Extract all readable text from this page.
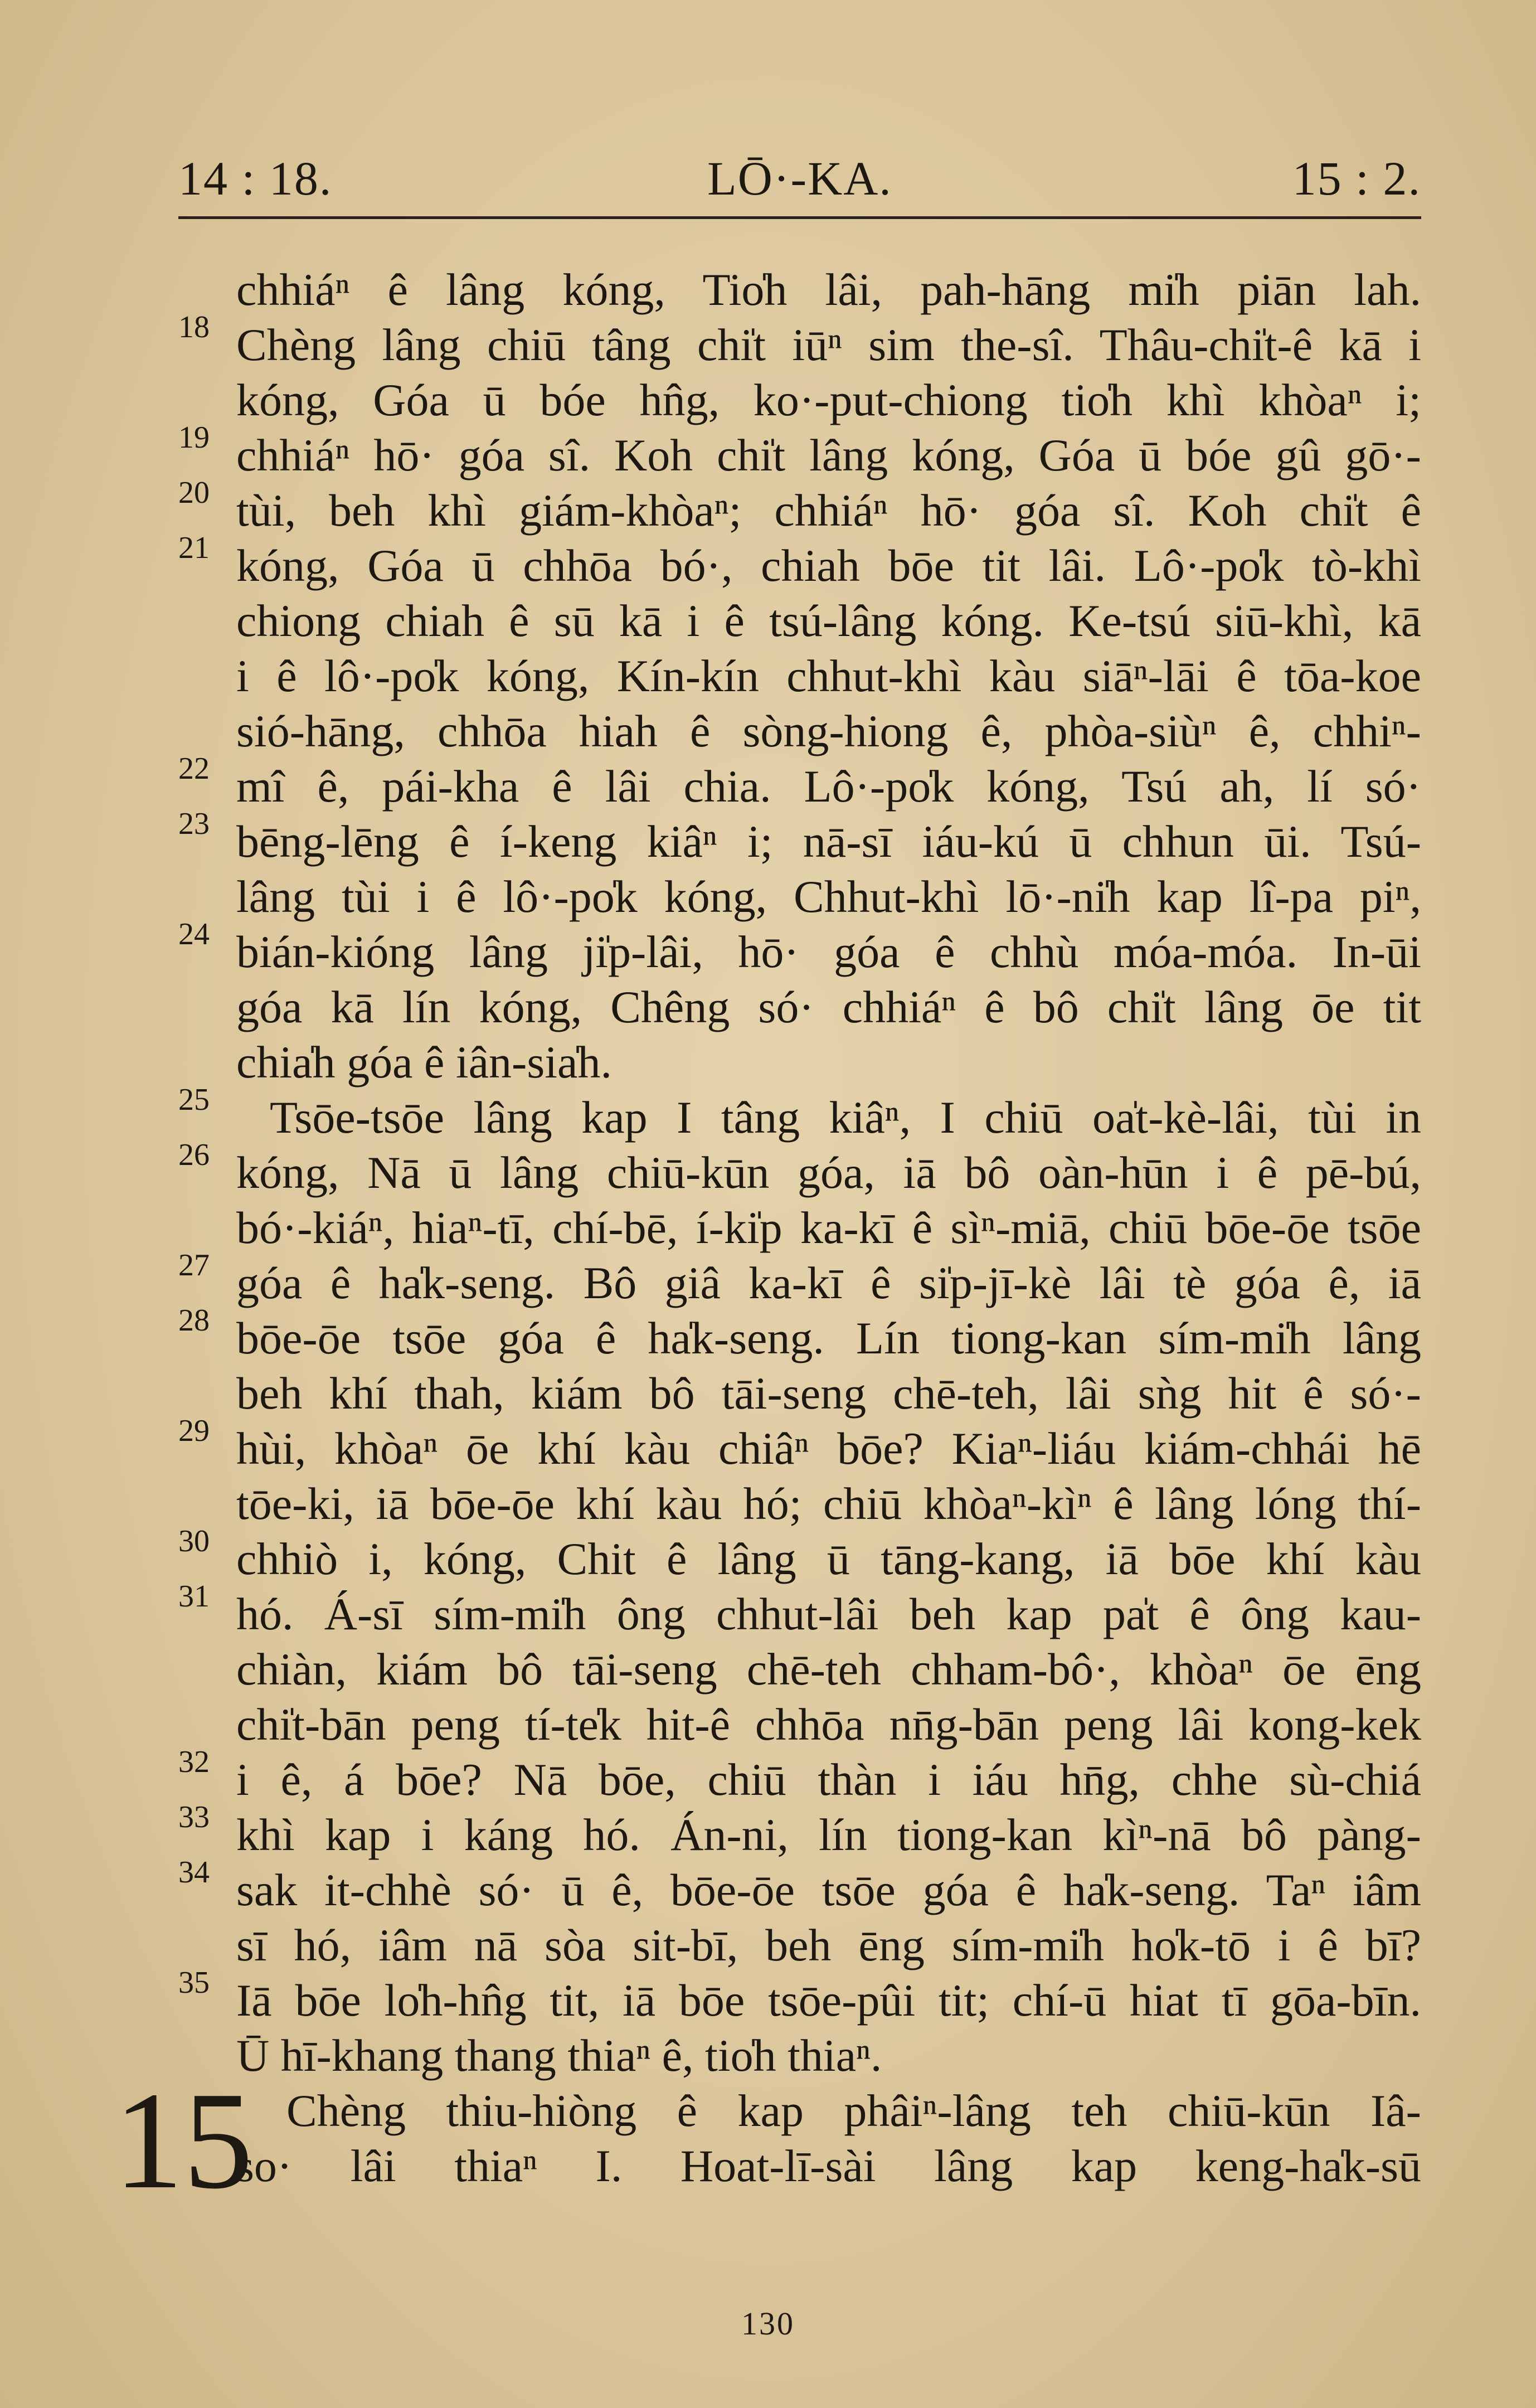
14 : 18.	LŌ·-KA.	15 : 2.
chhiáⁿ ê lâng kóng, Tio̍h lâi, pah-hāng mi̍h piān lah.
18 Chèng lâng chiū tâng chi̍t iūⁿ sim the-sî. Thâu-chi̍t-ê kā i
kóng, Góa ū bóe hn̂g, ko·-put-chiong tio̍h khì khòaⁿ i;
19 chhiáⁿ hō· góa sî. Koh chi̍t lâng kóng, Góa ū bóe gû gō·-
20 tùi, beh khì giám-khòaⁿ; chhiáⁿ hō· góa sî. Koh chi̍t ê
21 kóng, Góa ū chhōa bó·, chiah bōe tit lâi. Lô·-po̍k tò-khì
chiong chiah ê sū kā i ê tsú-lâng kóng. Ke-tsú siū-khì, kā
i ê lô·-po̍k kóng, Kín-kín chhut-khì kàu siāⁿ-lāi ê tōa-koe
sió-hāng, chhōa hiah ê sòng-hiong ê, phòa-siùⁿ ê, chhiⁿ-
22 mî ê, pái-kha ê lâi chia. Lô·-po̍k kóng, Tsú ah, lí só·
23 bēng-lēng ê í-keng kiâⁿ i; nā-sī iáu-kú ū chhun ūi. Tsú-
lâng tùi i ê lô·-po̍k kóng, Chhut-khì lō·-ni̍h kap lî-pa piⁿ,
24 bián-kióng lâng ji̍p-lâi, hō· góa ê chhù móa-móa. In-ūi
góa kā lín kóng, Chêng só· chhiáⁿ ê bô chi̍t lâng ōe tit
chia̍h góa ê iân-sia̍h.
25 Tsōe-tsōe lâng kap I tâng kiâⁿ, I chiū oa̍t-kè-lâi, tùi in
26 kóng, Nā ū lâng chiū-kūn góa, iā bô oàn-hūn i ê pē-bú,
bó·-kiáⁿ, hiaⁿ-tī, chí-bē, í-ki̍p ka-kī ê sìⁿ-miā, chiū bōe-ōe tsōe
27 góa ê ha̍k-seng. Bô giâ ka-kī ê si̍p-jī-kè lâi tè góa ê, iā
28 bōe-ōe tsōe góa ê ha̍k-seng. Lín tiong-kan sím-mi̍h lâng
beh khí thah, kiám bô tāi-seng chē-teh, lâi sǹg hit ê só·-
29 hùi, khòaⁿ ōe khí kàu chiâⁿ bōe? Kiaⁿ-liáu kiám-chhái hē
tōe-ki, iā bōe-ōe khí kàu hó; chiū khòaⁿ-kìⁿ ê lâng lóng thí-
30 chhiò i, kóng, Chit ê lâng ū tāng-kang, iā bōe khí kàu
31 hó. Á-sī sím-mi̍h ông chhut-lâi beh kap pa̍t ê ông kau-
chiàn, kiám bô tāi-seng chē-teh chham-bô·, khòaⁿ ōe ēng
chi̍t-bān peng tí-te̍k hit-ê chhōa nn̄g-bān peng lâi kong-kek
32 i ê, á bōe? Nā bōe, chiū thàn i iáu hn̄g, chhe sù-chiá
33 khì kap i káng hó. Án-ni, lín tiong-kan kìⁿ-nā bô pàng-
34 sak it-chhè só· ū ê, bōe-ōe tsōe góa ê ha̍k-seng. Taⁿ iâm
sī hó, iâm nā sòa sit-bī, beh ēng sím-mi̍h ho̍k-tō i ê bī?
35 Iā bōe lo̍h-hn̂g tit, iā bōe tsōe-pûi tit; chí-ū hiat tī gōa-bīn.
Ū hī-khang thang thiaⁿ ê, tio̍h thiaⁿ.
15 Chèng thiu-hiòng ê kap phâiⁿ-lâng teh chiū-kūn Iâ-
so· lâi thiaⁿ I. Hoat-lī-sài lâng kap keng-ha̍k-sū
130
